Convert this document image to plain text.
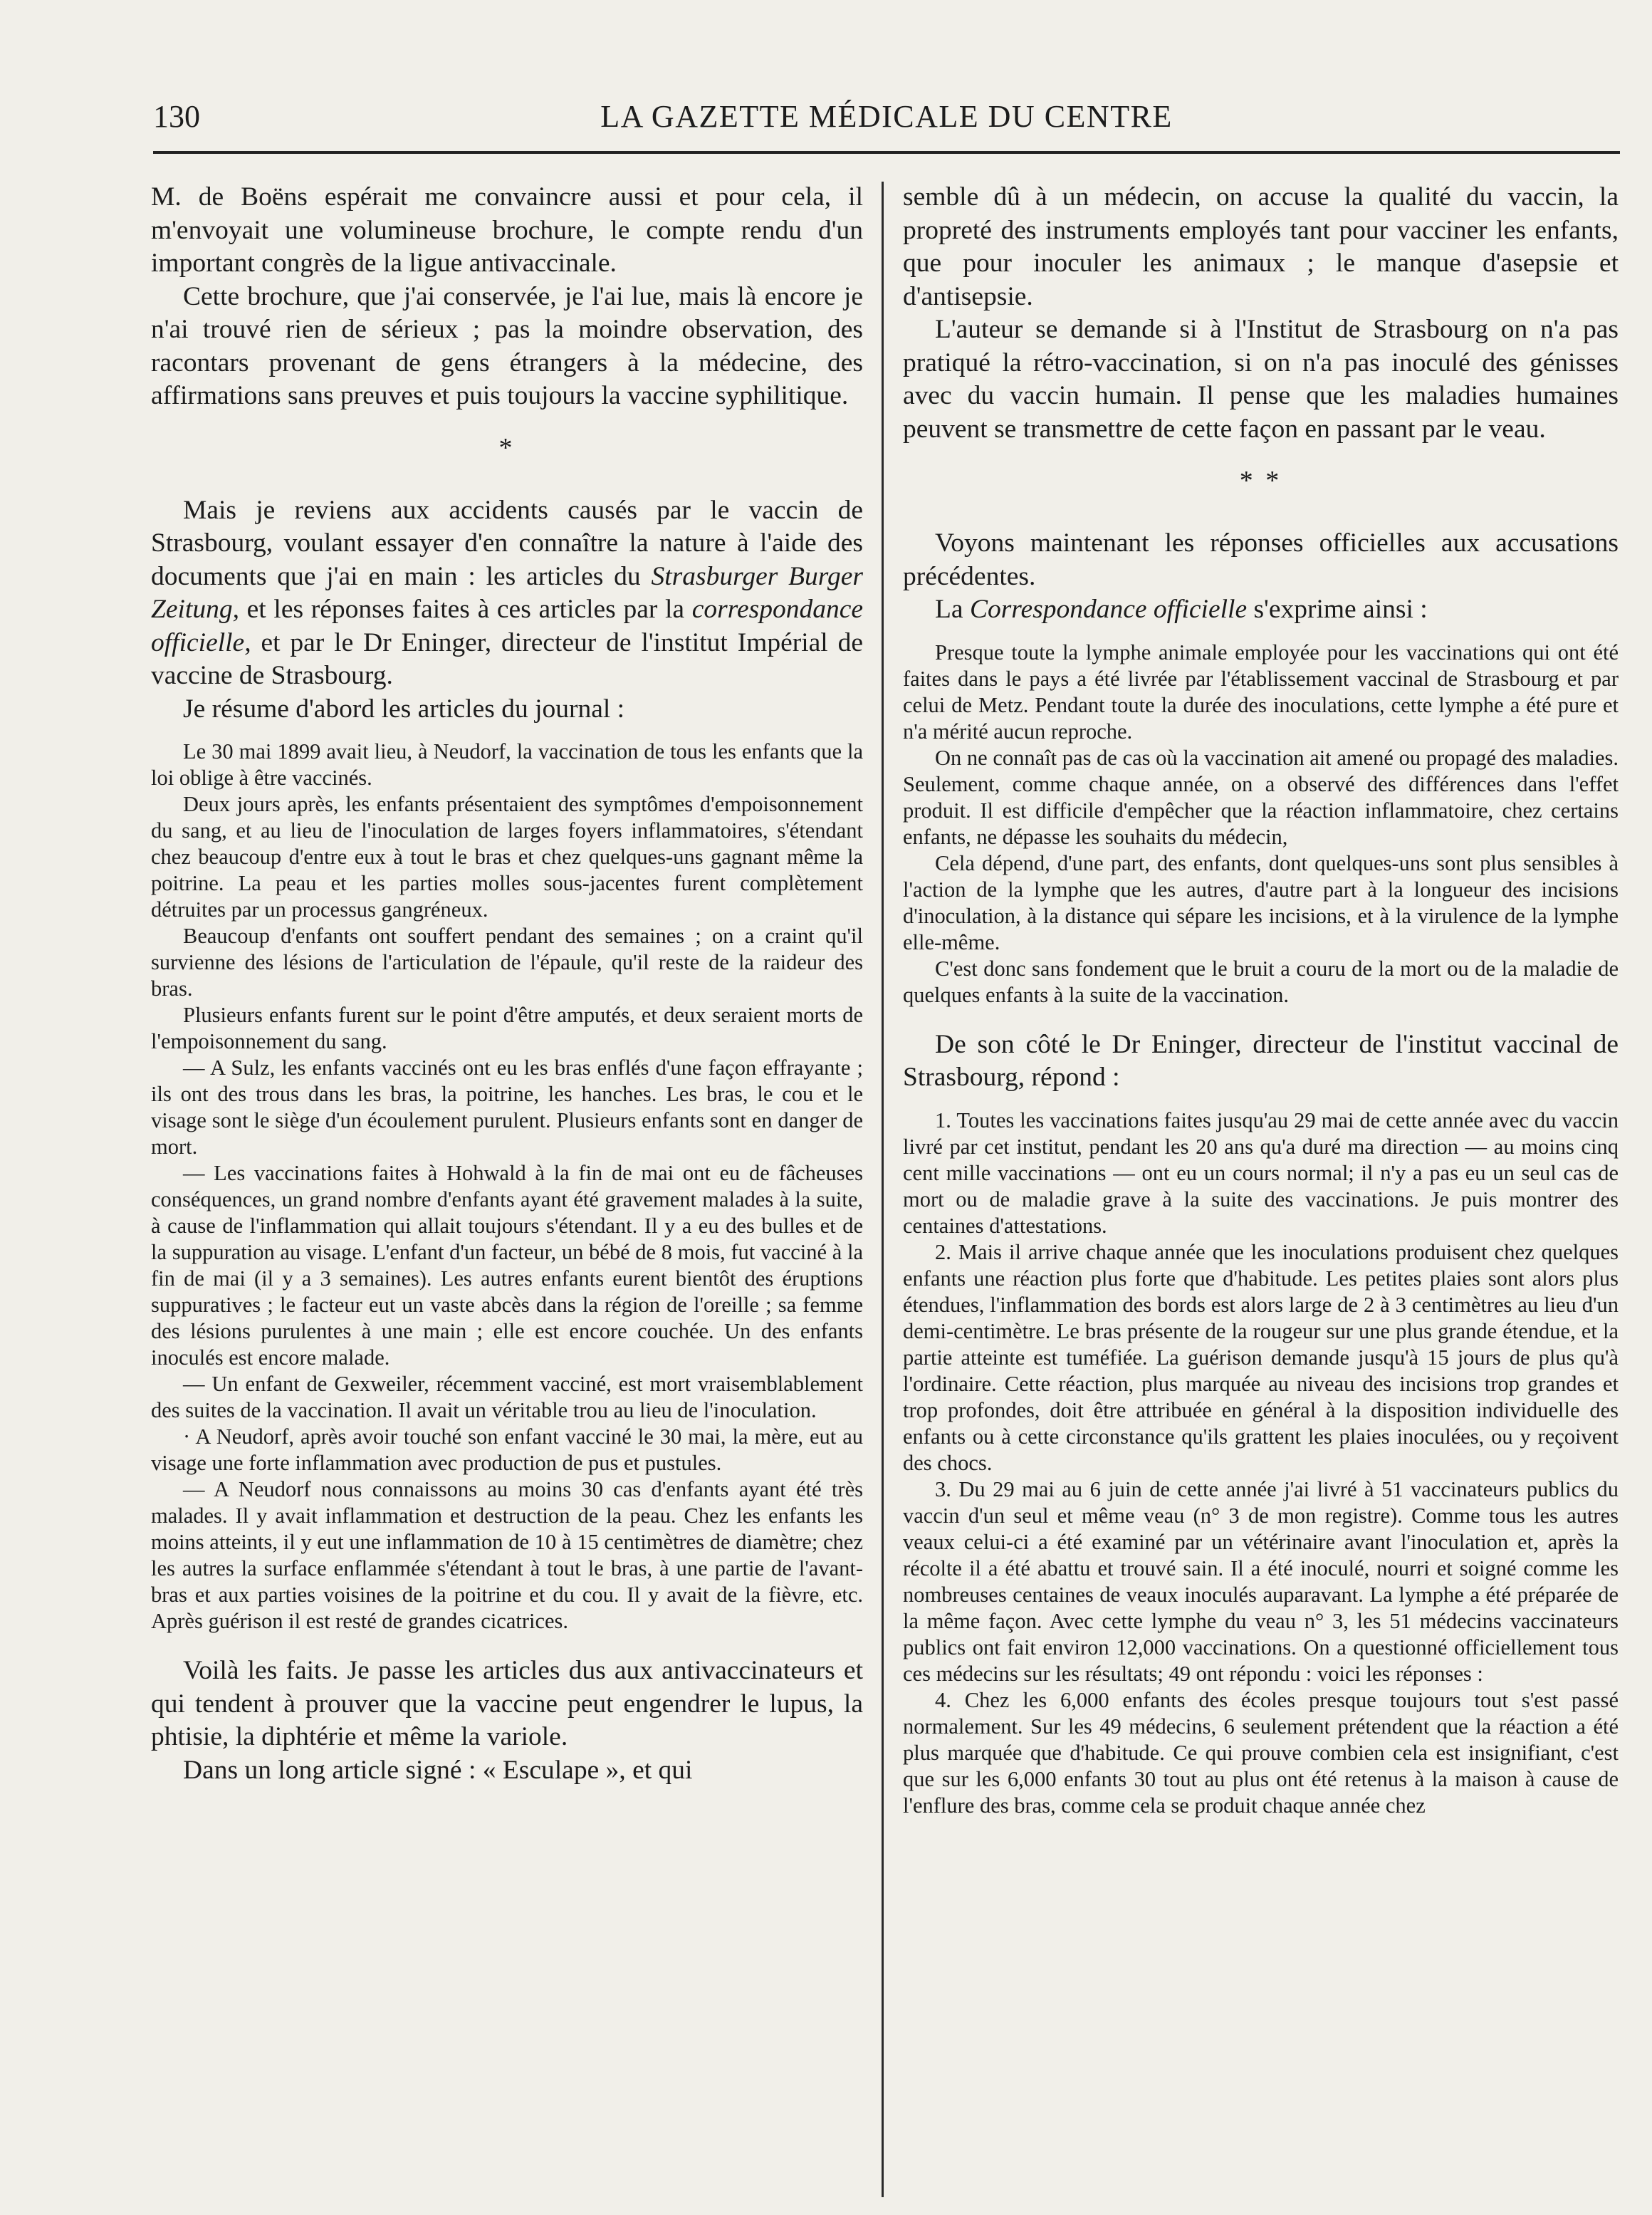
130	LA GAZETTE MÉDICALE DU CENTRE

M. de Boëns espérait me convaincre aussi et pour cela, il m'envoyait une volumineuse brochure, le compte rendu d'un important congrès de la ligue antivaccinale.

Cette brochure, que j'ai conservée, je l'ai lue, mais là encore je n'ai trouvé rien de sérieux ; pas la moindre observation, des racontars provenant de gens étrangers à la médecine, des affirmations sans preuves et puis toujours la vaccine syphilitique.

*

Mais je reviens aux accidents causés par le vaccin de Strasbourg, voulant essayer d'en connaître la nature à l'aide des documents que j'ai en main : les articles du Strasburger Burger Zeitung, et les réponses faites à ces articles par la correspondance officielle, et par le Dr Eninger, directeur de l'institut Impérial de vaccine de Strasbourg.

Je résume d'abord les articles du journal :

Le 30 mai 1899 avait lieu, à Neudorf, la vaccination de tous les enfants que la loi oblige à être vaccinés.

Deux jours après, les enfants présentaient des symptômes d'empoisonnement du sang, et au lieu de l'inoculation de larges foyers inflammatoires, s'étendant chez beaucoup d'entre eux à tout le bras et chez quelques-uns gagnant même la poitrine. La peau et les parties molles sous-jacentes furent complètement détruites par un processus gangréneux.

Beaucoup d'enfants ont souffert pendant des semaines ; on a craint qu'il survienne des lésions de l'articulation de l'épaule, qu'il reste de la raideur des bras.

Plusieurs enfants furent sur le point d'être amputés, et deux seraient morts de l'empoisonnement du sang.

— A Sulz, les enfants vaccinés ont eu les bras enflés d'une façon effrayante ; ils ont des trous dans les bras, la poitrine, les hanches. Les bras, le cou et le visage sont le siège d'un écoulement purulent. Plusieurs enfants sont en danger de mort.

— Les vaccinations faites à Hohwald à la fin de mai ont eu de fâcheuses conséquences, un grand nombre d'enfants ayant été gravement malades à la suite, à cause de l'inflammation qui allait toujours s'étendant. Il y a eu des bulles et de la suppuration au visage. L'enfant d'un facteur, un bébé de 8 mois, fut vacciné à la fin de mai (il y a 3 semaines). Les autres enfants eurent bientôt des éruptions suppuratives ; le facteur eut un vaste abcès dans la région de l'oreille ; sa femme des lésions purulentes à une main ; elle est encore couchée. Un des enfants inoculés est encore malade.

— Un enfant de Gexweiler, récemment vacciné, est mort vraisemblablement des suites de la vaccination. Il avait un véritable trou au lieu de l'inoculation.

· A Neudorf, après avoir touché son enfant vacciné le 30 mai, la mère, eut au visage une forte inflammation avec production de pus et pustules.

— A Neudorf nous connaissons au moins 30 cas d'enfants ayant été très malades. Il y avait inflammation et destruction de la peau. Chez les enfants les moins atteints, il y eut une inflammation de 10 à 15 centimètres de diamètre; chez les autres la surface enflammée s'étendant à tout le bras, à une partie de l'avant-bras et aux parties voisines de la poitrine et du cou. Il y avait de la fièvre, etc. Après guérison il est resté de grandes cicatrices.

Voilà les faits. Je passe les articles dus aux antivaccinateurs et qui tendent à prouver que la vaccine peut engendrer le lupus, la phtisie, la diphtérie et même la variole.

Dans un long article signé : « Esculape », et qui

semble dû à un médecin, on accuse la qualité du vaccin, la propreté des instruments employés tant pour vacciner les enfants, que pour inoculer les animaux ; le manque d'asepsie et d'antisepsie.

L'auteur se demande si à l'Institut de Strasbourg on n'a pas pratiqué la rétro-vaccination, si on n'a pas inoculé des génisses avec du vaccin humain. Il pense que les maladies humaines peuvent se transmettre de cette façon en passant par le veau.

* *

Voyons maintenant les réponses officielles aux accusations précédentes.

La Correspondance officielle s'exprime ainsi :

Presque toute la lymphe animale employée pour les vaccinations qui ont été faites dans le pays a été livrée par l'établissement vaccinal de Strasbourg et par celui de Metz. Pendant toute la durée des inoculations, cette lymphe a été pure et n'a mérité aucun reproche.

On ne connaît pas de cas où la vaccination ait amené ou propagé des maladies. Seulement, comme chaque année, on a observé des différences dans l'effet produit. Il est difficile d'empêcher que la réaction inflammatoire, chez certains enfants, ne dépasse les souhaits du médecin,

Cela dépend, d'une part, des enfants, dont quelques-uns sont plus sensibles à l'action de la lymphe que les autres, d'autre part à la longueur des incisions d'inoculation, à la distance qui sépare les incisions, et à la virulence de la lymphe elle-même.

C'est donc sans fondement que le bruit a couru de la mort ou de la maladie de quelques enfants à la suite de la vaccination.

De son côté le Dr Eninger, directeur de l'institut vaccinal de Strasbourg, répond :

1. Toutes les vaccinations faites jusqu'au 29 mai de cette année avec du vaccin livré par cet institut, pendant les 20 ans qu'a duré ma direction — au moins cinq cent mille vaccinations — ont eu un cours normal; il n'y a pas eu un seul cas de mort ou de maladie grave à la suite des vaccinations. Je puis montrer des centaines d'attestations.

2. Mais il arrive chaque année que les inoculations produisent chez quelques enfants une réaction plus forte que d'habitude. Les petites plaies sont alors plus étendues, l'inflammation des bords est alors large de 2 à 3 centimètres au lieu d'un demi-centimètre. Le bras présente de la rougeur sur une plus grande étendue, et la partie atteinte est tuméfiée. La guérison demande jusqu'à 15 jours de plus qu'à l'ordinaire. Cette réaction, plus marquée au niveau des incisions trop grandes et trop profondes, doit être attribuée en général à la disposition individuelle des enfants ou à cette circonstance qu'ils grattent les plaies inoculées, ou y reçoivent des chocs.

3. Du 29 mai au 6 juin de cette année j'ai livré à 51 vaccinateurs publics du vaccin d'un seul et même veau (n° 3 de mon registre). Comme tous les autres veaux celui-ci a été examiné par un vétérinaire avant l'inoculation et, après la récolte il a été abattu et trouvé sain. Il a été inoculé, nourri et soigné comme les nombreuses centaines de veaux inoculés auparavant. La lymphe a été préparée de la même façon. Avec cette lymphe du veau n° 3, les 51 médecins vaccinateurs publics ont fait environ 12,000 vaccinations. On a questionné officiellement tous ces médecins sur les résultats; 49 ont répondu : voici les réponses :

4. Chez les 6,000 enfants des écoles presque toujours tout s'est passé normalement. Sur les 49 médecins, 6 seulement prétendent que la réaction a été plus marquée que d'habitude. Ce qui prouve combien cela est insignifiant, c'est que sur les 6,000 enfants 30 tout au plus ont été retenus à la maison à cause de l'enflure des bras, comme cela se produit chaque année chez
